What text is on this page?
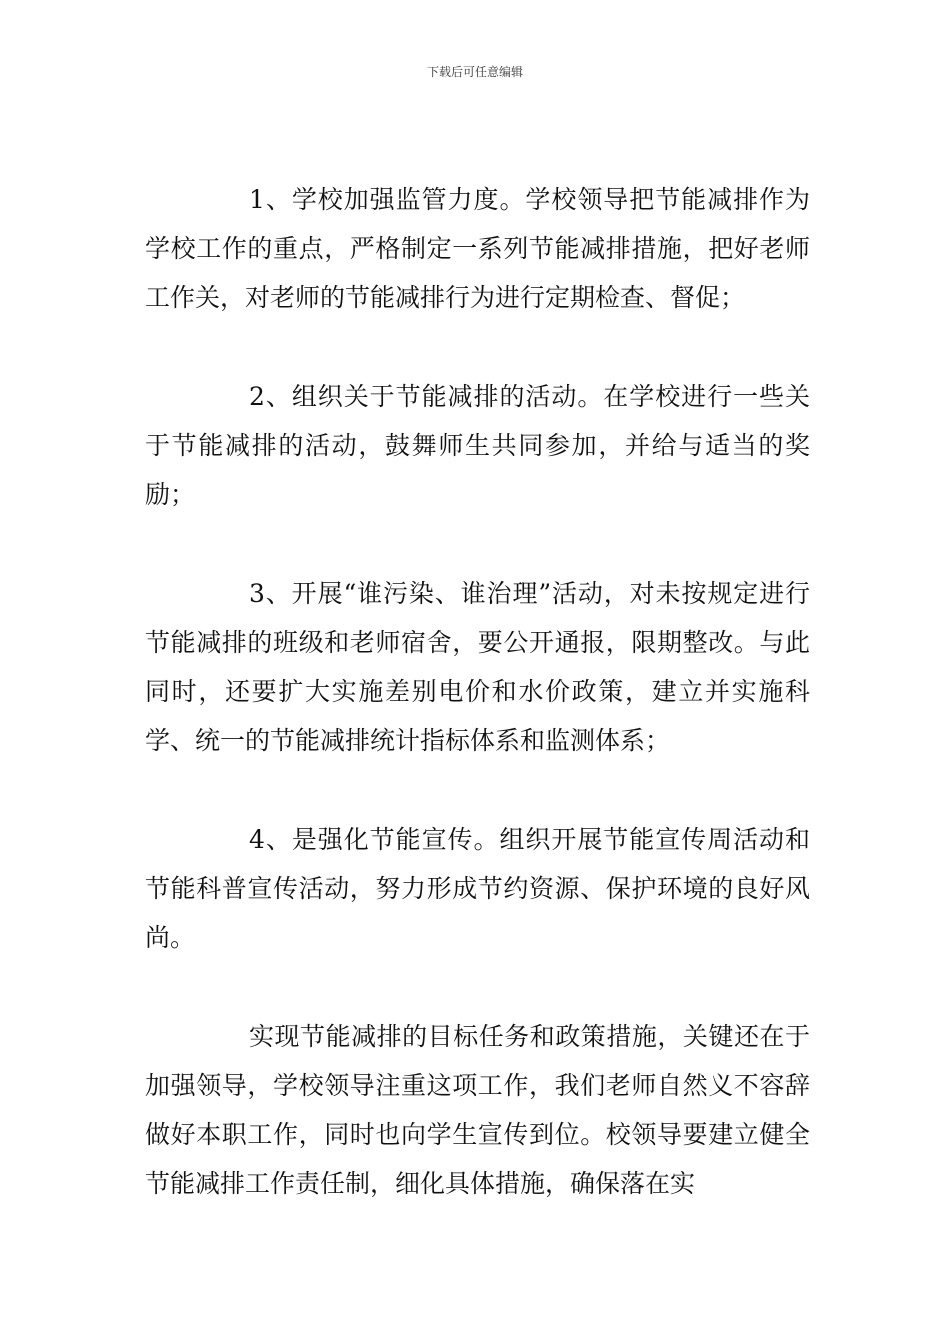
下载后可任意编辑

1、学校加强监管力度。学校领导把节能减排作为学校工作的重点，严格制定一系列节能减排措施，把好老师工作关，对老师的节能减排行为进行定期检查、督促；

2、组织关于节能减排的活动。在学校进行一些关于节能减排的活动，鼓舞师生共同参加，并给与适当的奖励；

3、开展“谁污染、谁治理”活动，对未按规定进行节能减排的班级和老师宿舍，要公开通报，限期整改。与此同时，还要扩大实施差别电价和水价政策，建立并实施科学、统一的节能减排统计指标体系和监测体系；

4、是强化节能宣传。组织开展节能宣传周活动和节能科普宣传活动，努力形成节约资源、保护环境的良好风尚。

实现节能减排的目标任务和政策措施，关键还在于加强领导，学校领导注重这项工作，我们老师自然义不容辞做好本职工作，同时也向学生宣传到位。校领导要建立健全节能减排工作责任制，细化具体措施，确保落在实
